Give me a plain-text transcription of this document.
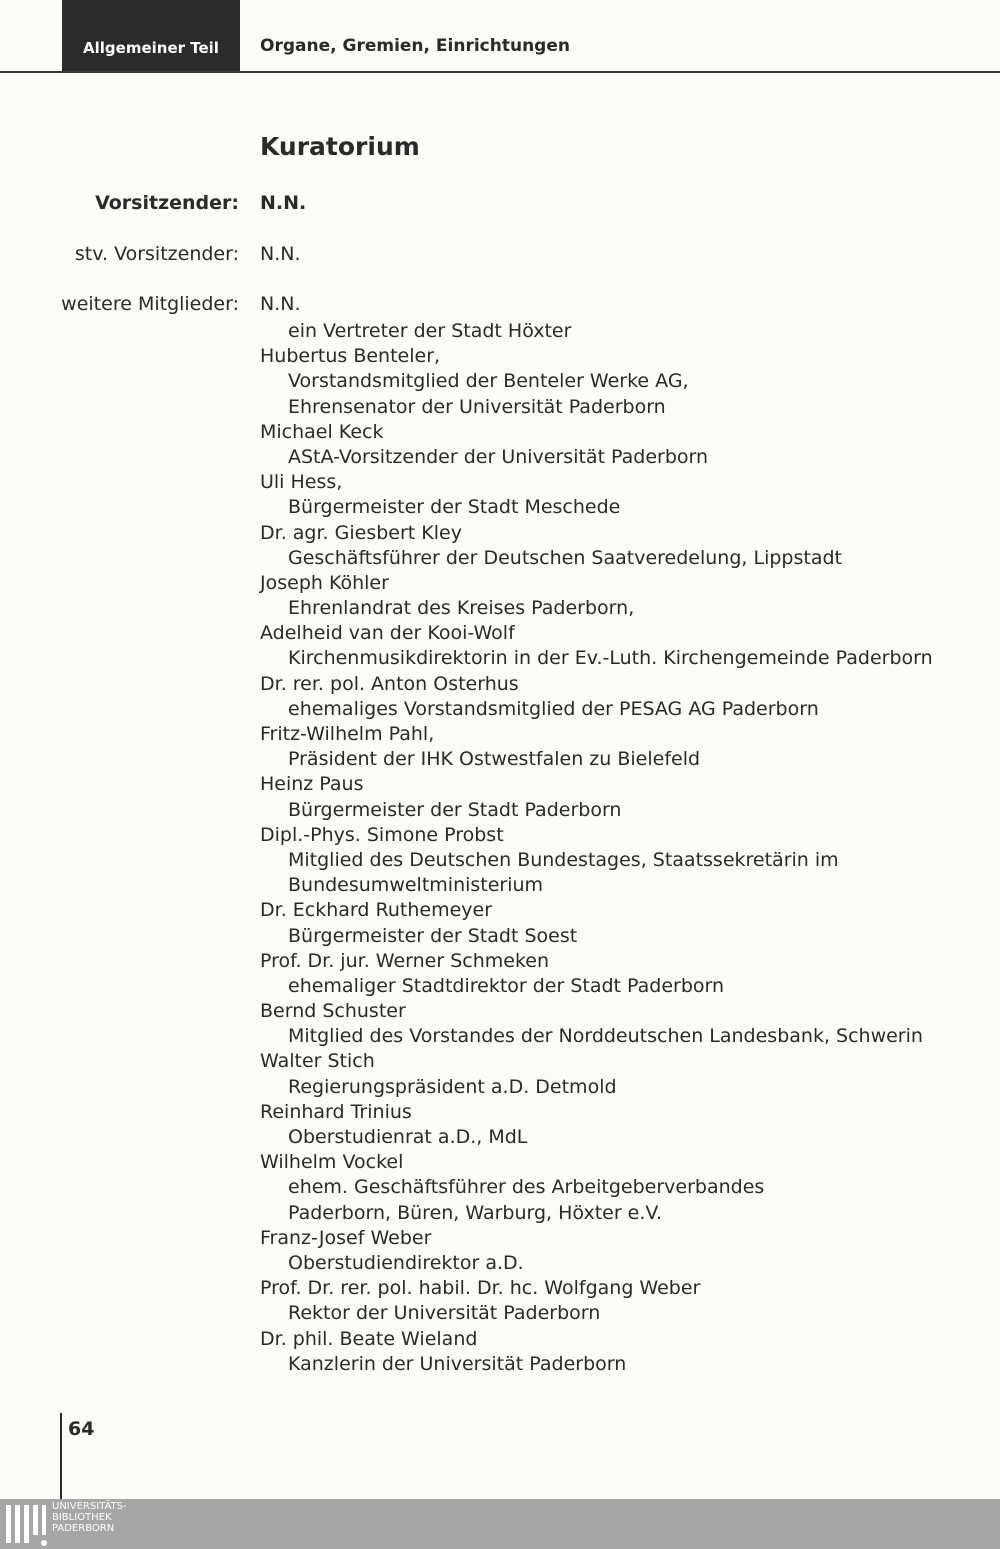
Allgemeiner Teil Organe, Gremien, Einrichtungen
Kuratorium
Vorsitzender: N.N.
stv. Vorsitzender: N.N.
weitere Mitglieder: N.N.
ein Vertreter der Stadt Höxter
Hubertus Benteler,
Vorstandsmitglied der Benteler Werke AG,
Ehrensenator der Universität Paderborn
Michael Keck
AStA-Vorsitzender der Universität Paderborn
Uli Hess,
Bürgermeister der Stadt Meschede
Dr. agr. Giesbert Kley
Geschäftsführer der Deutschen Saatveredelung, Lippstadt
Joseph Köhler
Ehrenlandrat des Kreises Paderborn,
Adelheid van der Kooi-Wolf
Kirchenmusikdirektorin in der Ev.-Luth. Kirchengemeinde Paderborn
Dr. rer. pol. Anton Osterhus
ehemaliges Vorstandsmitglied der PESAG AG Paderborn
Fritz-Wilhelm Pahl,
Präsident der IHK Ostwestfalen zu Bielefeld
Heinz Paus
Bürgermeister der Stadt Paderborn
Dipl.-Phys. Simone Probst
Mitglied des Deutschen Bundestages, Staatssekretärin im
Bundesumweltministerium
Dr. Eckhard Ruthemeyer
Bürgermeister der Stadt Soest
Prof. Dr. jur. Werner Schmeken
ehemaliger Stadtdirektor der Stadt Paderborn
Bernd Schuster
Mitglied des Vorstandes der Norddeutschen Landesbank, Schwerin
Walter Stich
Regierungspräsident a.D. Detmold
Reinhard Trinius
Oberstudienrat a.D., MdL
Wilhelm Vockel
ehem. Geschäftsführer des Arbeitgeberverbandes
Paderborn, Büren, Warburg, Höxter e.V.
Franz-Josef Weber
Oberstudiendirektor a.D.
Prof. Dr. rer. pol. habil. Dr. hc. Wolfgang Weber
Rektor der Universität Paderborn
Dr. phil. Beate Wieland
Kanzlerin der Universität Paderborn
64
UNIVERSITÄTS-
BIBLIOTHEK
PADERBORN
